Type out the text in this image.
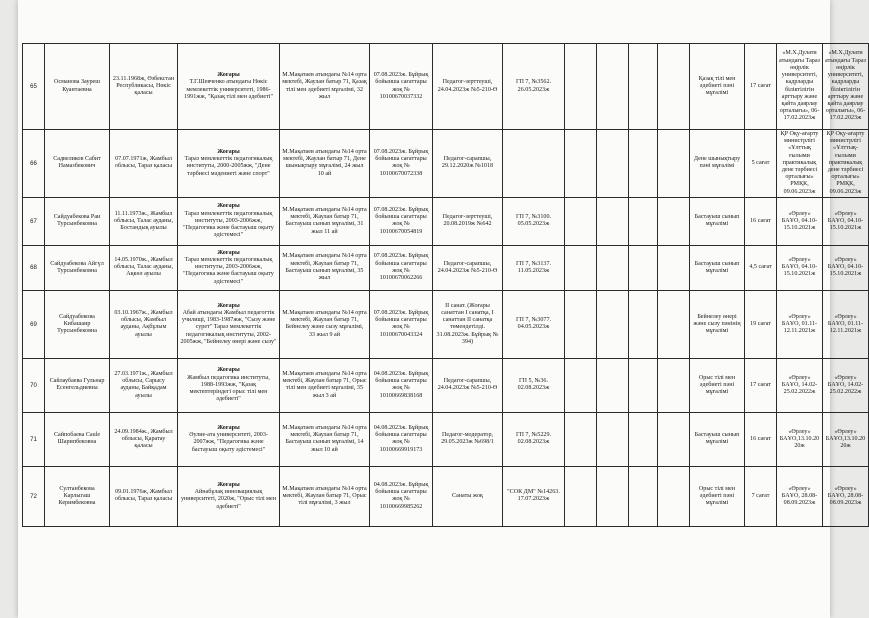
65	Османова Зауреш Куантаевна	23.11.1968ж, Өзбекстан Республикасы, Нөкіс қаласы	Жоғары
Т.Г.Шевченко атындағы Нөкіс мемлекеттік университеті, 1986-1991жж, "Қазақ тілі мен әдебиеті"	М.Мақатаев атындағы №14 орта мектебі, Жаулан батыр 71, Қазақ тілі мен әдебиеті мұғалімі, 32 жыл	07.08.2023ж. Бұйрық бойынша сағаттары жоқ № 10100670037332	Педагог-зерттеуші, 24.04.2023ж №5-210-Ө	ГП 7, №3562. 26.05.2023ж					Қазақ тілі мен әдебиеті пәні мұғалімі	17 сағат	«М.Х.Дулати атындағы Тараз өңірлік университеті, кадрларды біліктілігін арттыру және қайта даярлау орталығы», 06-17.02.2023ж	«М.Х.Дулати атындағы Тараз өңірлік университеті, кадрларды біліктілігін арттыру және қайта даярлау орталығы», 06-17.02.2023ж
66	Садвеликов Сабит Намазбекович	07.07.1971ж, Жамбыл облысы, Тараз қаласы	Жоғары
Тараз мемлекеттік педагогикалық институты, 2000-2005жж, "Дене тәрбиесі мәдениеті және спорт"	М.Мақатаев атындағы №14 орта мектебі, Жаулан батыр 71, Дене шынықтыру мұғалімі, 24 жыл 10 ай	07.08.2023ж. Бұйрық бойынша сағаттары жоқ № 10100670072338	Педагог-сарапшы, 29.12.2020ж №1018						Дене шынықтыру пәні мұғалімі	5 сағат	ҚР Оқу-ағарту министрлігі «Ұлттық ғылыми практикалық дене тәрбиесі орталығы» РМҚК, 09.06.2023ж	ҚР Оқу-ағарту министрлігі «Ұлттық-ғылыми практикалық дене тәрбиесі орталығы» РМҚК, 09.06.2023ж
67	Сайдуабекова Раи Турсынбековна	11.11.1973ж., Жамбыл облысы, Талас ауданы, Бостандық ауылы	Жоғары
Тараз мемлекеттік педагогикалық институты, 2003-2006жж, "Педагогика және бастауыш оқыту әдістемесі"	М.Мақатаев атындағы №14 орта мектебі, Жаулан батыр 71, Бастауыш сынып мұғалімі, 31 жыл 11 ай	07.08.2023ж. Бұйрық бойынша сағаттары жоқ № 10100670054819	Педагог-зерттеуші, 20.08.2019ж №642	ГП 7, №3100. 05.05.2023ж					Бастауыш сынып мұғалімі	16 сағат	«Өрлеу» БАҰО, 04.10-15.10.2021ж	«Өрлеу» БАҰО, 04.10-15.10.2021ж
68	Сайдуабекова Айгүл Турсынбековна	14.05.1970ж., Жамбыл облысы, Талас ауданы, Ақкөл ауылы	Жоғары
Тараз мемлекеттік педагогикалық институты, 2003-2006жж, "Педагогика және бастауыш оқыту әдістемесі"	М.Мақатаев атындағы №14 орта мектебі, Жаулан батыр 71, Бастауыш сынып мұғалімі, 35 жыл	07.08.2023ж. Бұйрық бойынша сағаттары жоқ № 10100670062266	Педагог-сарапшы, 24.04.2023ж №5-210-Ө	ГП 7, №3137. 11.05.2023ж					Бастауыш сынып мұғалімі	4,5 сағат	«Өрлеу» БАҰО, 04.10-15.10.2021ж	«Өрлеу» БАҰО, 04.10-15.10.2021ж
69	Сайдуабекова Кибашаир Турсынбековна	03.10.1967ж., Жамбыл облысы, Жамбыл ауданы, Ақбұлым ауылы	Жоғары
Абай атындағы Жамбыл педагогтік училищі, 1983-1987жж, "Сызу және сурет" Тараз мемлекеттік педагогикалық институты, 2002-2005жж, "Бейнелеу өнері және сызу"	М.Мақатаев атындағы №14 орта мектебі, Жаулан батыр 71, Бейнелеу және сызу мұғалімі, 33 жыл 9 ай	07.08.2023ж. Бұйрық бойынша сағаттары жоқ № 10100670043324	II санат. (Жоғары санаттан I санатқа, I санаттан II санатқа төмендетілді. 31.08.2023ж. Бұйрық № 394)	ГП 7, №3077. 04.05.2023ж					Бейнелеу өнері және сызу пәнінің мұғалімі	19 сағат	«Өрлеу» БАҰО, 01.11-12.11.2021ж	«Өрлеу» БАҰО, 01.11-12.11.2021ж
70	Сайлаубаева Гульнар Есенгельдиевна	27.03.1971ж., Жамбыл облысы, Сарысу ауданы, Байқадам ауылы	Жоғары
Жамбыл педагогика институты, 1988-1993жж, "Қазақ мектептеріндегі орыс тілі мен әдебиеті"	М.Мақатаев атындағы №14 орта мектебі, Жаулан батыр 71, Орыс тілі мен әдебиеті мұғалімі, 35 жыл 3 ай	04.08.2023ж. Бұйрық бойынша сағаттары жоқ № 10100669838168	Педагог-сарапшы, 24.04.2023ж №5-210-Ө	ГП 5, №36. 02.08.2023ж					Орыс тілі мен әдебиеті пәні мұғалімі	17 сағат	«Өрлеу» БАҰО, 14.02-25.02.2022ж	«Өрлеу» БАҰО, 14.02-25.02.2022ж
71	Сайпобаева Саule Шарипбековна	24.09.1984ж., Жамбыл облысы, Қаратау қаласы	Жоғары
Әулие-ата университеті, 2003-2007жж, "Педагогика және бастауыш оқыту әдістемесі"	М.Мақатаев атындағы №14 орта мектебі, Жаулан батыр 71, Бастауыш сынып мұғалімі, 14 жыл 10 ай	04.08.2023ж. Бұйрық бойынша сағаттары жоқ № 10100669919173	Педагог-модератор, 29.05.2023ж №698/1	ГП 7, №5229. 02.08.2023ж					Бастауыш сынып мұғалімі	16 сағат	«Өрлеу» БАҰО,13.10.2020ж	«Өрлеу» БАҰО,13.10.2020ж
72	Султанбекова Карлыгаш Керимбековна	09.01.1976ж, Жамбыл облысы, Тараз қаласы	Жоғары
Айнабұлақ инновациялық университеті, 2020ж, "Орыс тілі мен әдебиеті"	М.Мақатаев атындағы №14 орта мектебі, Жаулан батыр 71, Орыс тілі мұғалімі, 3 жыл	04.08.2023ж. Бұйрық бойынша сағаттары жоқ № 10100669985262	Санаты жоқ	"СОК ДМ" №14263. 17.07.2023ж					Орыс тілі мен әдебиеті пәні мұғалімі	7 сағат	«Өрлеу» БАҰО, 28.08-08.09.2023ж	«Өрлеу» БАҰО, 28.08-08.09.2023ж
